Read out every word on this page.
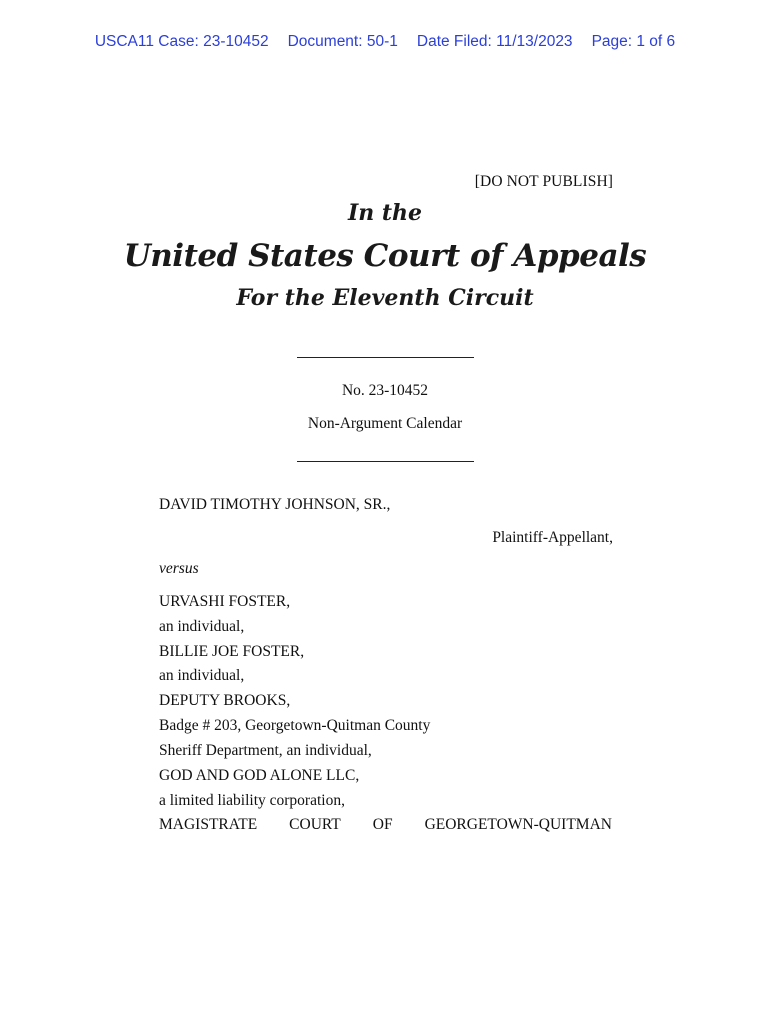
USCA11 Case: 23-10452 Document: 50-1 Date Filed: 11/13/2023 Page: 1 of 6
[DO NOT PUBLISH]
In the
United States Court of Appeals
For the Eleventh Circuit
No. 23-10452
Non-Argument Calendar
DAVID TIMOTHY JOHNSON, SR.,
Plaintiff-Appellant,
versus
URVASHI FOSTER,
an individual,
BILLIE JOE FOSTER,
an individual,
DEPUTY BROOKS,
Badge # 203, Georgetown-Quitman County
Sheriff Department, an individual,
GOD AND GOD ALONE LLC,
a limited liability corporation,
MAGISTRATE COURT OF GEORGETOWN-QUITMAN
